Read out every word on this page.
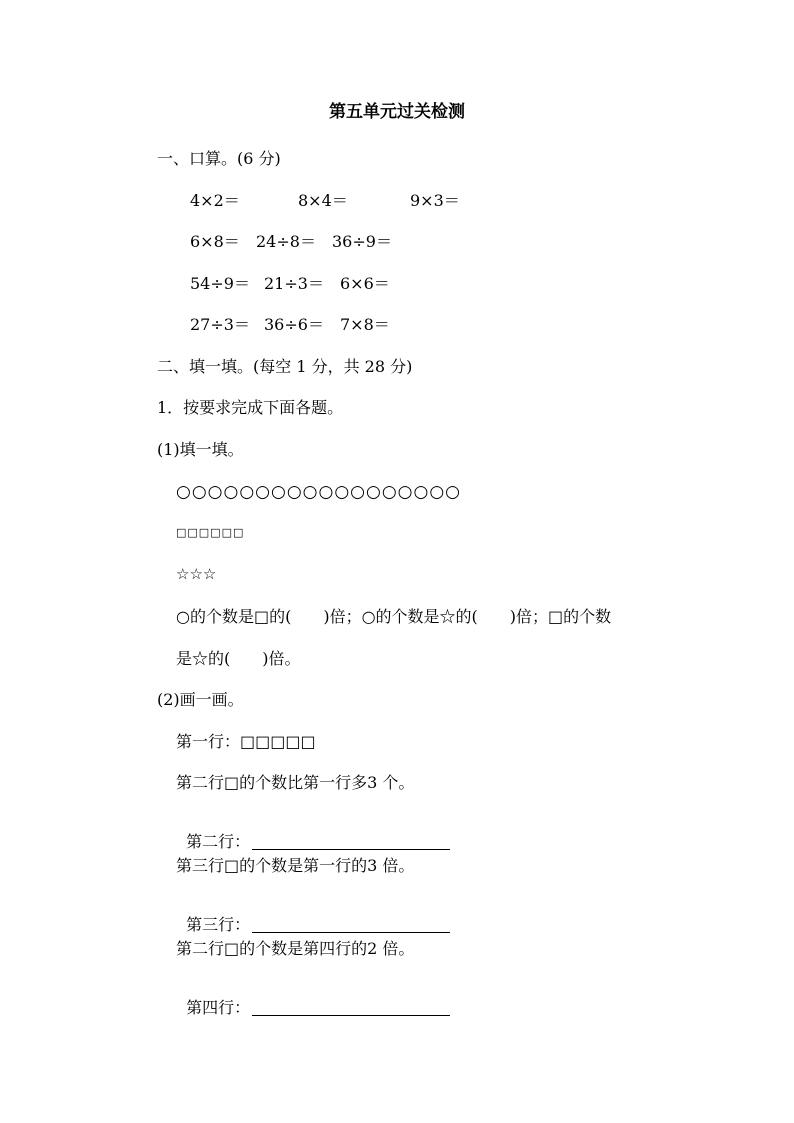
第五单元过关检测
一、口算。(6 分)
4×2＝	8×4＝	9×3＝
6×8＝ 24÷8＝ 36÷9＝
54÷9＝ 21÷3＝ 6×6＝
27÷3＝ 36÷6＝ 7×8＝
二、填一填。(每空 1 分，共 28 分)
1．按要求完成下面各题。
(1)填一填。
○○○○○○○○○○○○○○○○○○
□□□□□□
☆☆☆
○的个数是□的(　　)倍；○的个数是☆的(　　)倍；□的个数
是☆的(　　)倍。
(2)画一画。
第一行：□□□□□
第二行□的个数比第一行多3 个。

第二行：

第三行□的个数是第一行的3 倍。

第三行：

第二行□的个数是第四行的2 倍。

第四行：
